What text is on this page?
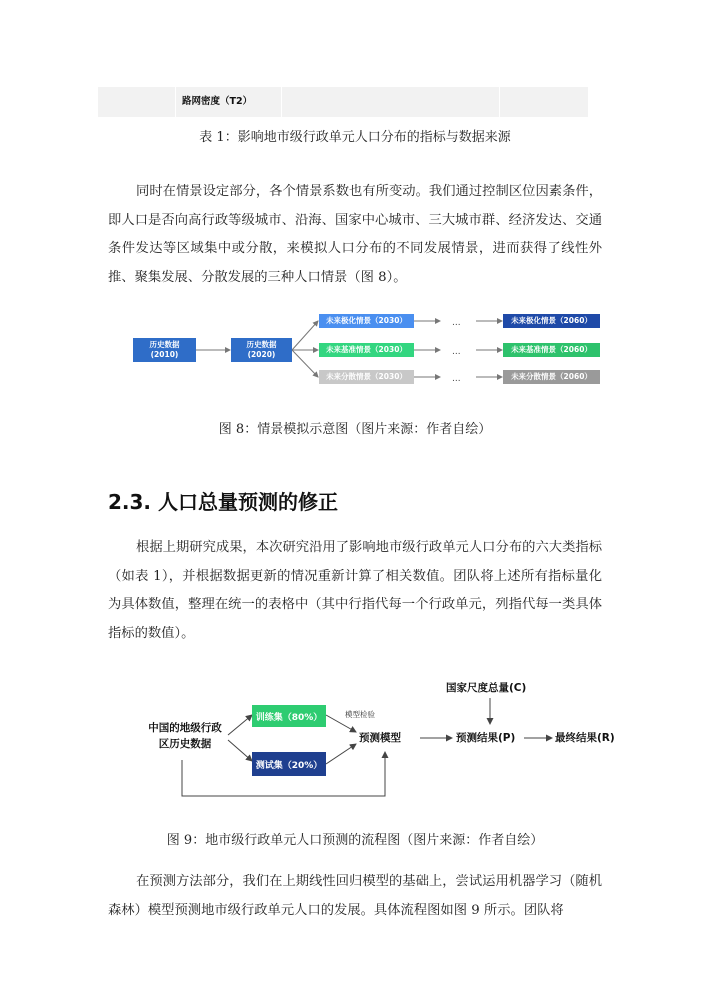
路网密度（T2）
表 1：影响地市级行政单元人口分布的指标与数据来源

同时在情景设定部分，各个情景系数也有所变动。我们通过控制区位因素条件，即人口是否向高行政等级城市、沿海、国家中心城市、三大城市群、经济发达、交通条件发达等区域集中或分散，来模拟人口分布的不同发展情景，进而获得了线性外推、聚集发展、分散发展的三种人口情景（图 8）。

历史数据
(2010)
历史数据
(2020)
未来极化情景（2030）
未来基准情景（2030）
未来分散情景（2030）
...
...
...
未来极化情景（2060）
未来基准情景（2060）
未来分散情景（2060）
图 8：情景模拟示意图（图片来源：作者自绘）
2.3. 人口总量预测的修正

根据上期研究成果，本次研究沿用了影响地市级行政单元人口分布的六大类指标（如表 1），并根据数据更新的情况重新计算了相关数值。团队将上述所有指标量化为具体数值，整理在统一的表格中（其中行指代每一个行政单元，列指代每一类具体指标的数值）。

中国的地级行政
区历史数据
训练集（80%）
测试集（20%）
模型检验
预测模型
国家尺度总量(C)
预测结果(P)	最终结果(R)
图 9：地市级行政单元人口预测的流程图（图片来源：作者自绘）

在预测方法部分，我们在上期线性回归模型的基础上，尝试运用机器学习（随机森林）模型预测地市级行政单元人口的发展。具体流程图如图 9 所示。团队将
